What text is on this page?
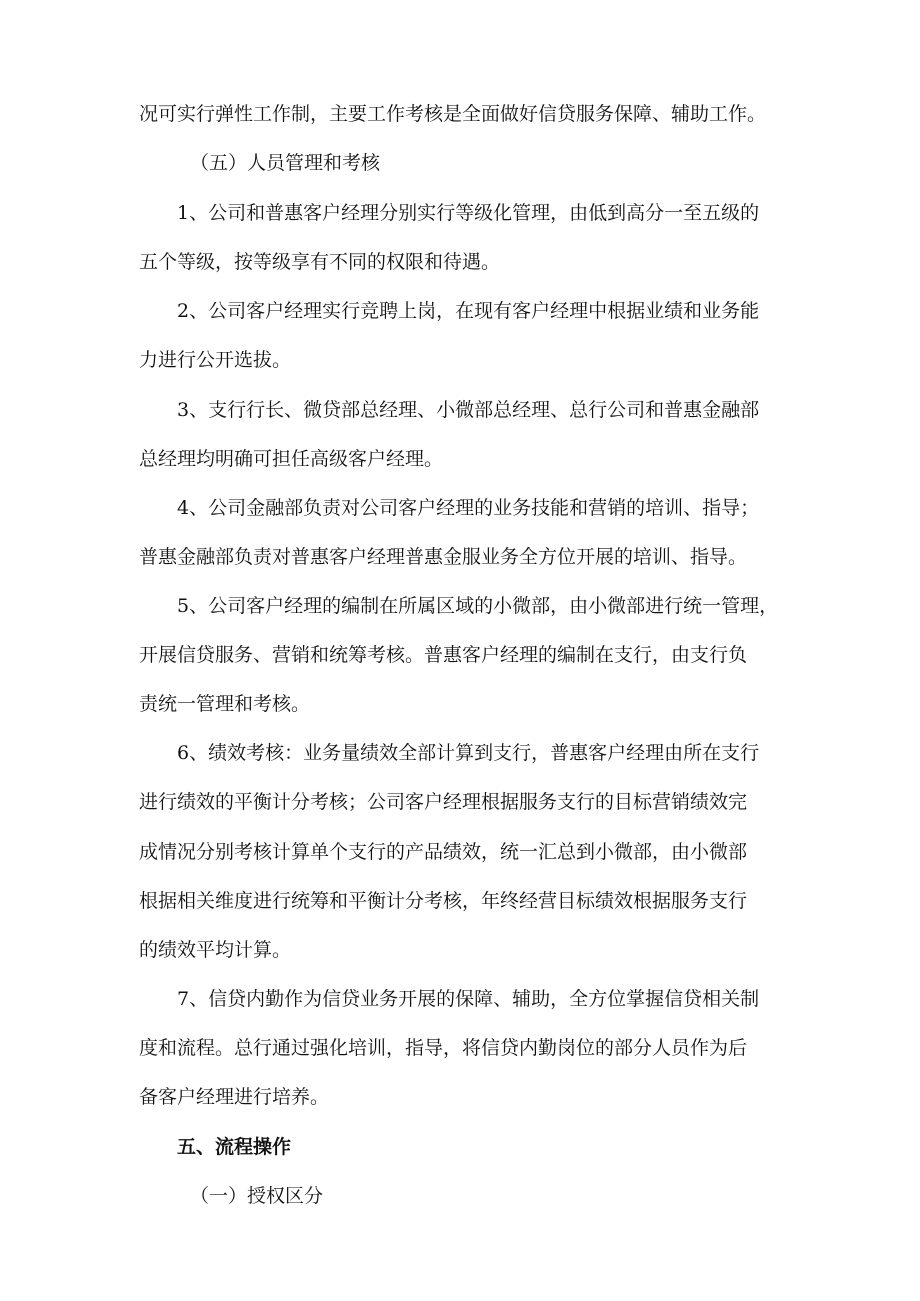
况可实行弹性工作制，主要工作考核是全面做好信贷服务保障、辅助工作。
（五）人员管理和考核
1、公司和普惠客户经理分别实行等级化管理，由低到高分一至五级的
五个等级，按等级享有不同的权限和待遇。
2、公司客户经理实行竞聘上岗，在现有客户经理中根据业绩和业务能
力进行公开选拔。
3、支行行长、微贷部总经理、小微部总经理、总行公司和普惠金融部
总经理均明确可担任高级客户经理。
4、公司金融部负责对公司客户经理的业务技能和营销的培训、指导；
普惠金融部负责对普惠客户经理普惠金服业务全方位开展的培训、指导。
5、公司客户经理的编制在所属区域的小微部，由小微部进行统一管理，
开展信贷服务、营销和统筹考核。普惠客户经理的编制在支行，由支行负
责统一管理和考核。
6、绩效考核：业务量绩效全部计算到支行，普惠客户经理由所在支行
进行绩效的平衡计分考核；公司客户经理根据服务支行的目标营销绩效完
成情况分别考核计算单个支行的产品绩效，统一汇总到小微部，由小微部
根据相关维度进行统筹和平衡计分考核，年终经营目标绩效根据服务支行
的绩效平均计算。
7、信贷内勤作为信贷业务开展的保障、辅助，全方位掌握信贷相关制
度和流程。总行通过强化培训，指导，将信贷内勤岗位的部分人员作为后
备客户经理进行培养。
五、流程操作
（一）授权区分
